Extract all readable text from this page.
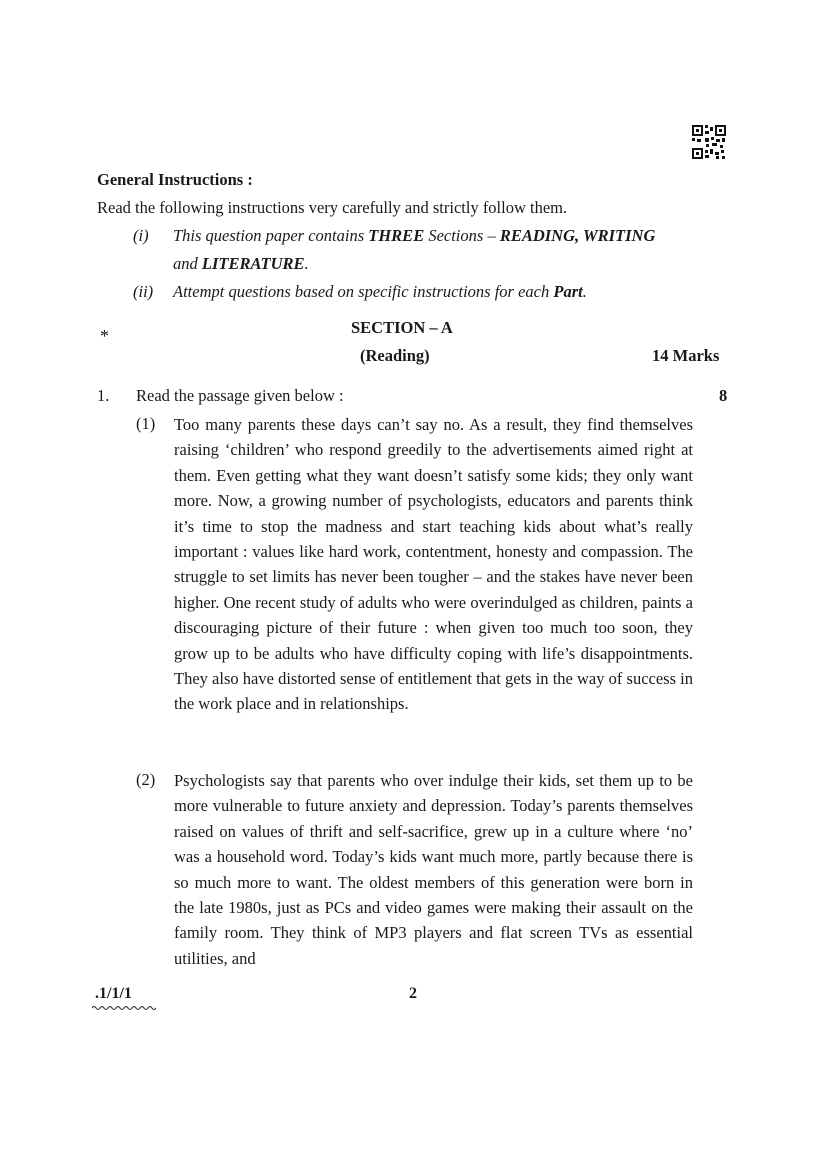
General Instructions :
Read the following instructions very carefully and strictly follow them.
(i) This question paper contains THREE Sections – READING, WRITING
and LITERATURE.
(ii) Attempt questions based on specific instructions for each Part.
*	SECTION – A
(Reading)	14 Marks
1. Read the passage given below :	8
(1) Too many parents these days can’t say no. As a result, they find themselves raising ‘children’ who respond greedily to the advertisements aimed right at them. Even getting what they want doesn’t satisfy some kids; they only want more. Now, a growing number of psychologists, educators and parents think it’s time to stop the madness and start teaching kids about what’s really important : values like hard work, contentment, honesty and compassion. The struggle to set limits has never been tougher – and the stakes have never been higher. One recent study of adults who were overindulged as children, paints a discouraging picture of their future : when given too much too soon, they grow up to be adults who have difficulty coping with life’s disappointments. They also have distorted sense of entitlement that gets in the way of success in the work place and in relationships.
(2) Psychologists say that parents who over indulge their kids, set them up to be more vulnerable to future anxiety and depression. Today’s parents themselves raised on values of thrift and self-sacrifice, grew up in a culture where ‘no’ was a household word. Today’s kids want much more, partly because there is so much more to want. The oldest members of this generation were born in the late 1980s, just as PCs and video games were making their assault on the family room. They think of MP3 players and flat screen TVs as essential utilities, and
.1/1/1	2
